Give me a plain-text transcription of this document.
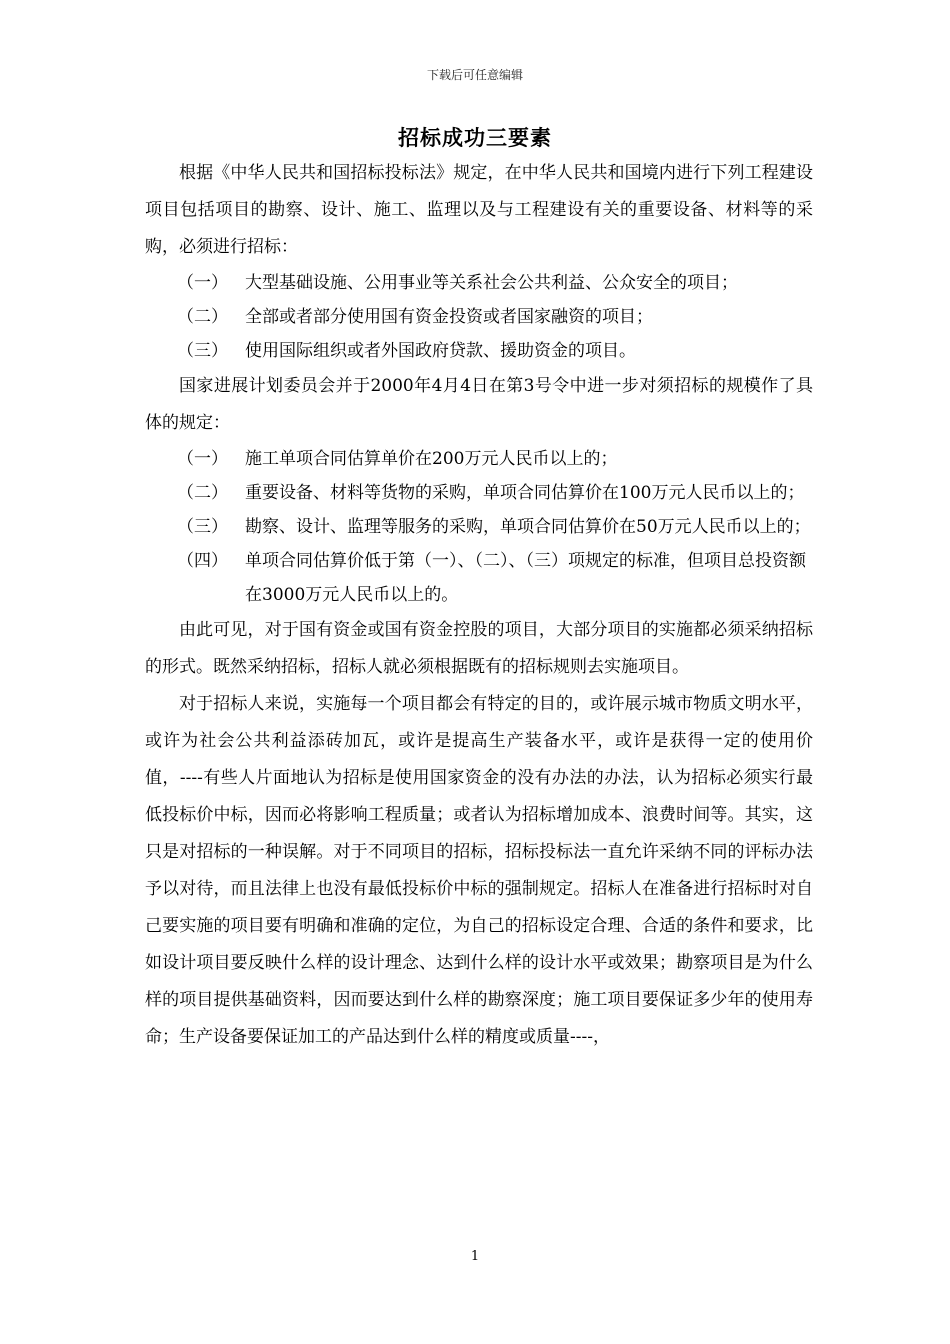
下载后可任意编辑
招标成功三要素

根据《中华人民共和国招标投标法》规定，在中华人民共和国境内进行下列工程建设项目包括项目的勘察、设计、施工、监理以及与工程建设有关的重要设备、材料等的采购，必须进行招标：

（一）	大型基础设施、公用事业等关系社会公共利益、公众安全的项目；
（二）	全部或者部分使用国有资金投资或者国家融资的项目；
（三）	使用国际组织或者外国政府贷款、援助资金的项目。

国家进展计划委员会并于2000年4月4日在第3号令中进一步对须招标的规模作了具体的规定：

（一）	施工单项合同估算单价在200万元人民币以上的；
（二）	重要设备、材料等货物的采购，单项合同估算价在100万元人民币以上的；
（三）	勘察、设计、监理等服务的采购，单项合同估算价在50万元人民币以上的；
（四）	单项合同估算价低于第（一）、（二）、（三）项规定的标准，但项目总投资额在3000万元人民币以上的。

由此可见，对于国有资金或国有资金控股的项目，大部分项目的实施都必须采纳招标的形式。既然采纳招标，招标人就必须根据既有的招标规则去实施项目。

对于招标人来说，实施每一个项目都会有特定的目的，或许展示城市物质文明水平，或许为社会公共利益添砖加瓦，或许是提高生产装备水平，或许是获得一定的使用价值，----有些人片面地认为招标是使用国家资金的没有办法的办法，认为招标必须实行最低投标价中标，因而必将影响工程质量；或者认为招标增加成本、浪费时间等。其实，这只是对招标的一种误解。对于不同项目的招标，招标投标法一直允许采纳不同的评标办法予以对待，而且法律上也没有最低投标价中标的强制规定。招标人在准备进行招标时对自己要实施的项目要有明确和准确的定位，为自己的招标设定合理、合适的条件和要求，比如设计项目要反映什么样的设计理念、达到什么样的设计水平或效果；勘察项目是为什么样的项目提供基础资料，因而要达到什么样的勘察深度；施工项目要保证多少年的使用寿命；生产设备要保证加工的产品达到什么样的精度或质量----，

1
